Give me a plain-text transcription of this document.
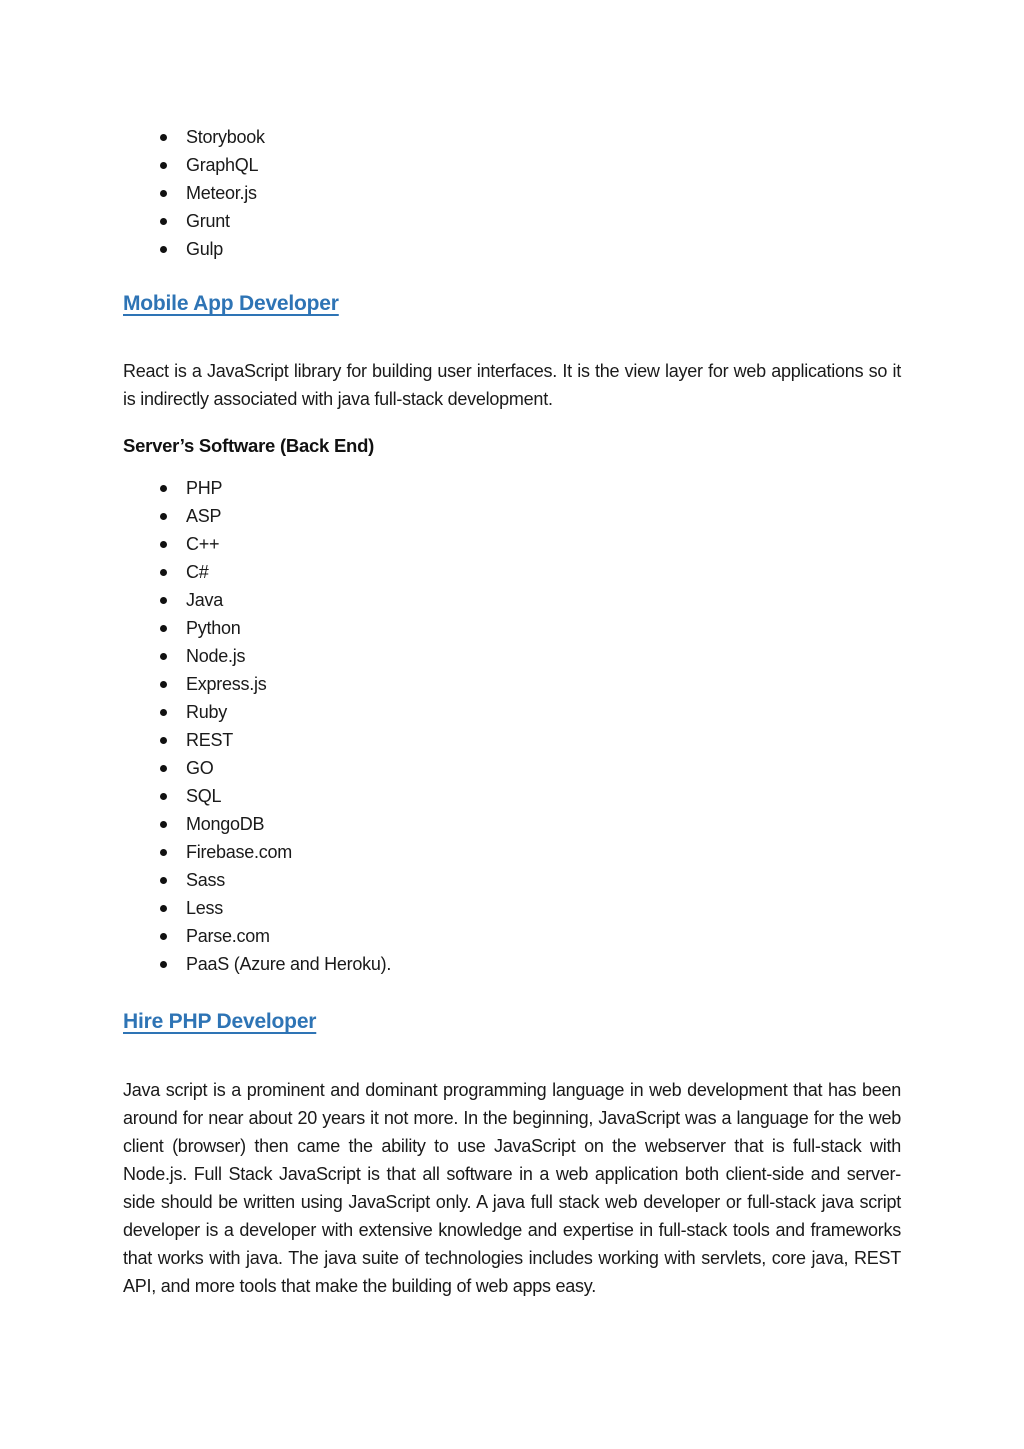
Storybook
GraphQL
Meteor.js
Grunt
Gulp
Mobile App Developer

React is a JavaScript library for building user interfaces. It is the view layer for web applications so it is indirectly associated with java full-stack development.

Server’s Software (Back End)
PHP
ASP
C++
C#
Java
Python
Node.js
Express.js
Ruby
REST
GO
SQL
MongoDB
Firebase.com
Sass
Less
Parse.com
PaaS (Azure and Heroku).
Hire PHP Developer

Java script is a prominent and dominant programming language in web development that has been around for near about 20 years it not more. In the beginning, JavaScript was a language for the web client (browser) then came the ability to use JavaScript on the webserver that is full-stack with Node.js. Full Stack JavaScript is that all software in a web application both client-side and server-side should be written using JavaScript only. A java full stack web developer or full-stack java script developer is a developer with extensive knowledge and expertise in full-stack tools and frameworks that works with java. The java suite of technologies includes working with servlets, core java, REST API, and more tools that make the building of web apps easy.
